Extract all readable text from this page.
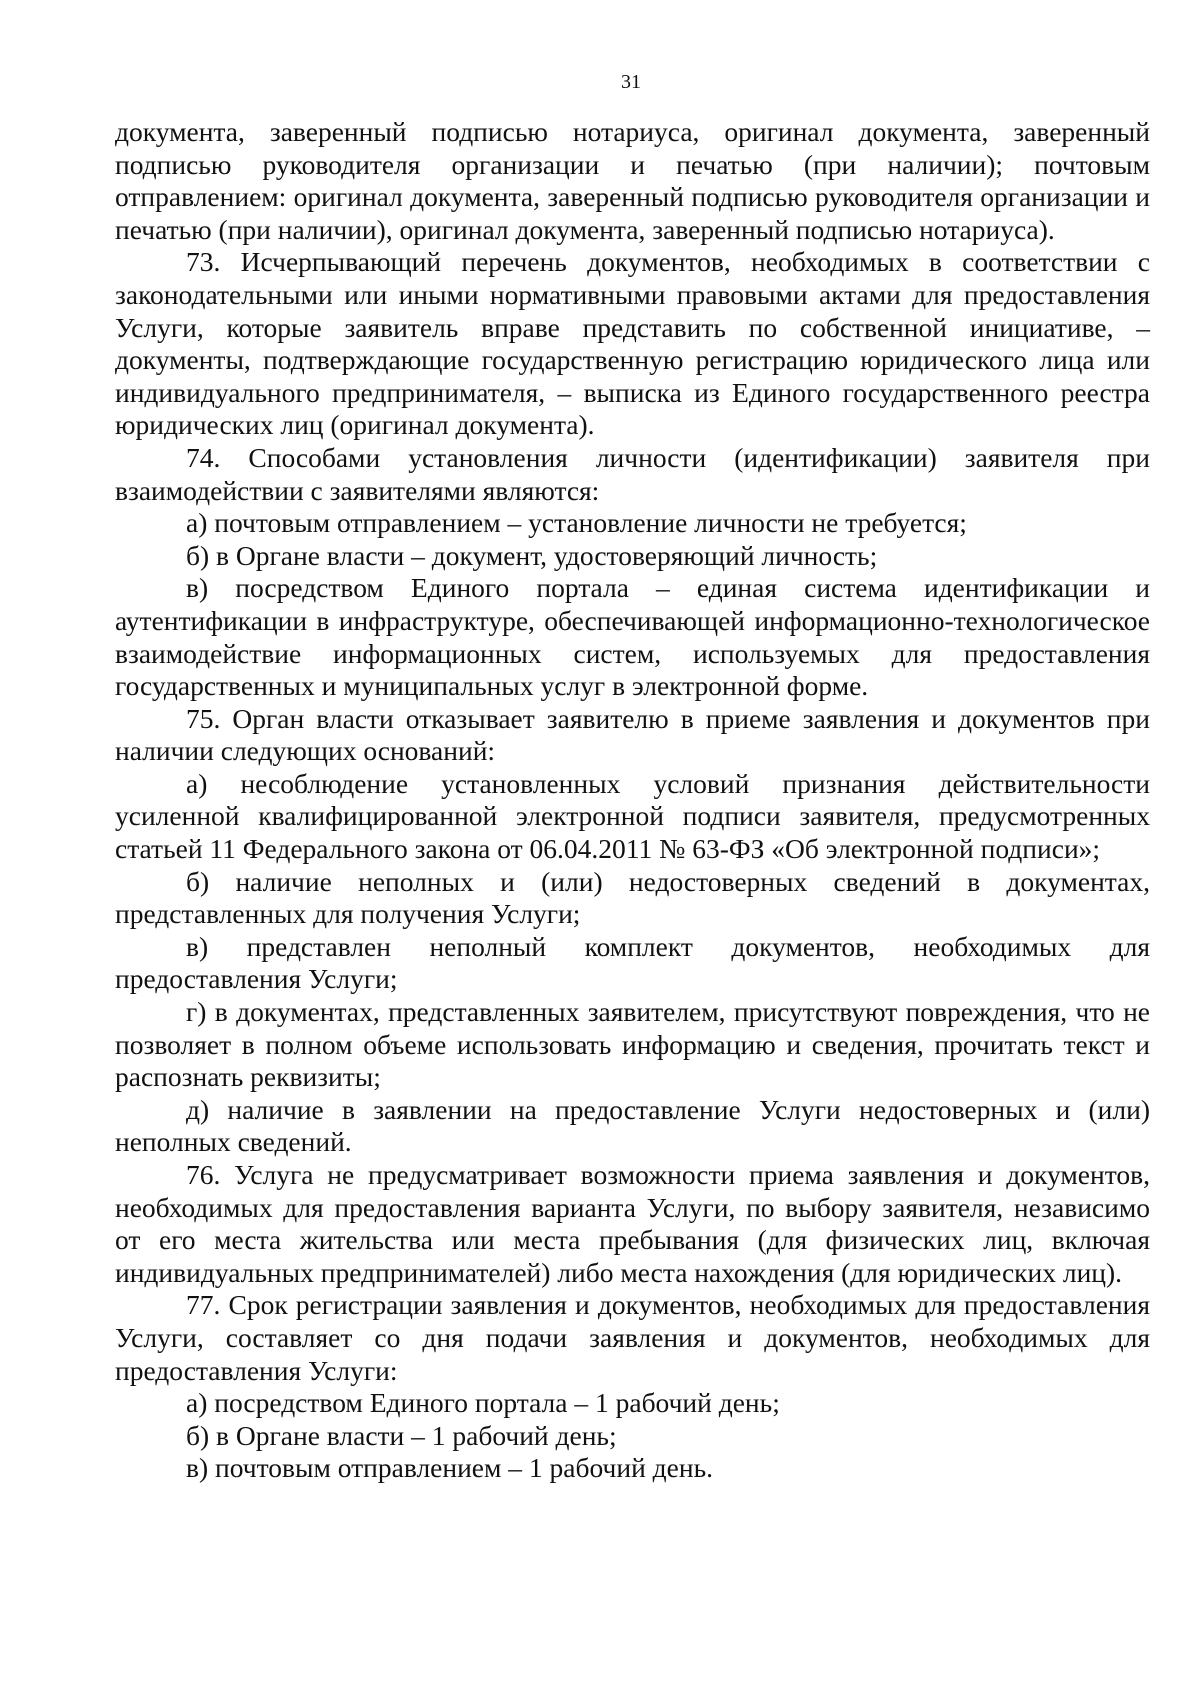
31

документа, заверенный подписью нотариуса, оригинал документа, заверенный подписью руководителя организации и печатью (при наличии); почтовым отправлением: оригинал документа, заверенный подписью руководителя организации и печатью (при наличии), оригинал документа, заверенный подписью нотариуса).

73. Исчерпывающий перечень документов, необходимых в соответствии с законодательными или иными нормативными правовыми актами для предоставления Услуги, которые заявитель вправе представить по собственной инициативе, – документы, подтверждающие государственную регистрацию юридического лица или индивидуального предпринимателя, – выписка из Единого государственного реестра юридических лиц (оригинал документа).

74. Способами установления личности (идентификации) заявителя при взаимодействии с заявителями являются:

а) почтовым отправлением – установление личности не требуется;

б) в Органе власти – документ, удостоверяющий личность;

в) посредством Единого портала – единая система идентификации и аутентификации в инфраструктуре, обеспечивающей информационно-технологическое взаимодействие информационных систем, используемых для предоставления государственных и муниципальных услуг в электронной форме.

75. Орган власти отказывает заявителю в приеме заявления и документов при наличии следующих оснований:

а) несоблюдение установленных условий признания действительности усиленной квалифицированной электронной подписи заявителя, предусмотренных статьей 11 Федерального закона от 06.04.2011 № 63-ФЗ «Об электронной подписи»;

б) наличие неполных и (или) недостоверных сведений в документах, представленных для получения Услуги;

в) представлен неполный комплект документов, необходимых для предоставления Услуги;

г) в документах, представленных заявителем, присутствуют повреждения, что не позволяет в полном объеме использовать информацию и сведения, прочитать текст и распознать реквизиты;

д) наличие в заявлении на предоставление Услуги недостоверных и (или) неполных сведений.

76. Услуга не предусматривает возможности приема заявления и документов, необходимых для предоставления варианта Услуги, по выбору заявителя, независимо от его места жительства или места пребывания (для физических лиц, включая индивидуальных предпринимателей) либо места нахождения (для юридических лиц).

77. Срок регистрации заявления и документов, необходимых для предоставления Услуги, составляет со дня подачи заявления и документов, необходимых для предоставления Услуги:

а) посредством Единого портала – 1 рабочий день;

б) в Органе власти – 1 рабочий день;

в) почтовым отправлением – 1 рабочий день.
